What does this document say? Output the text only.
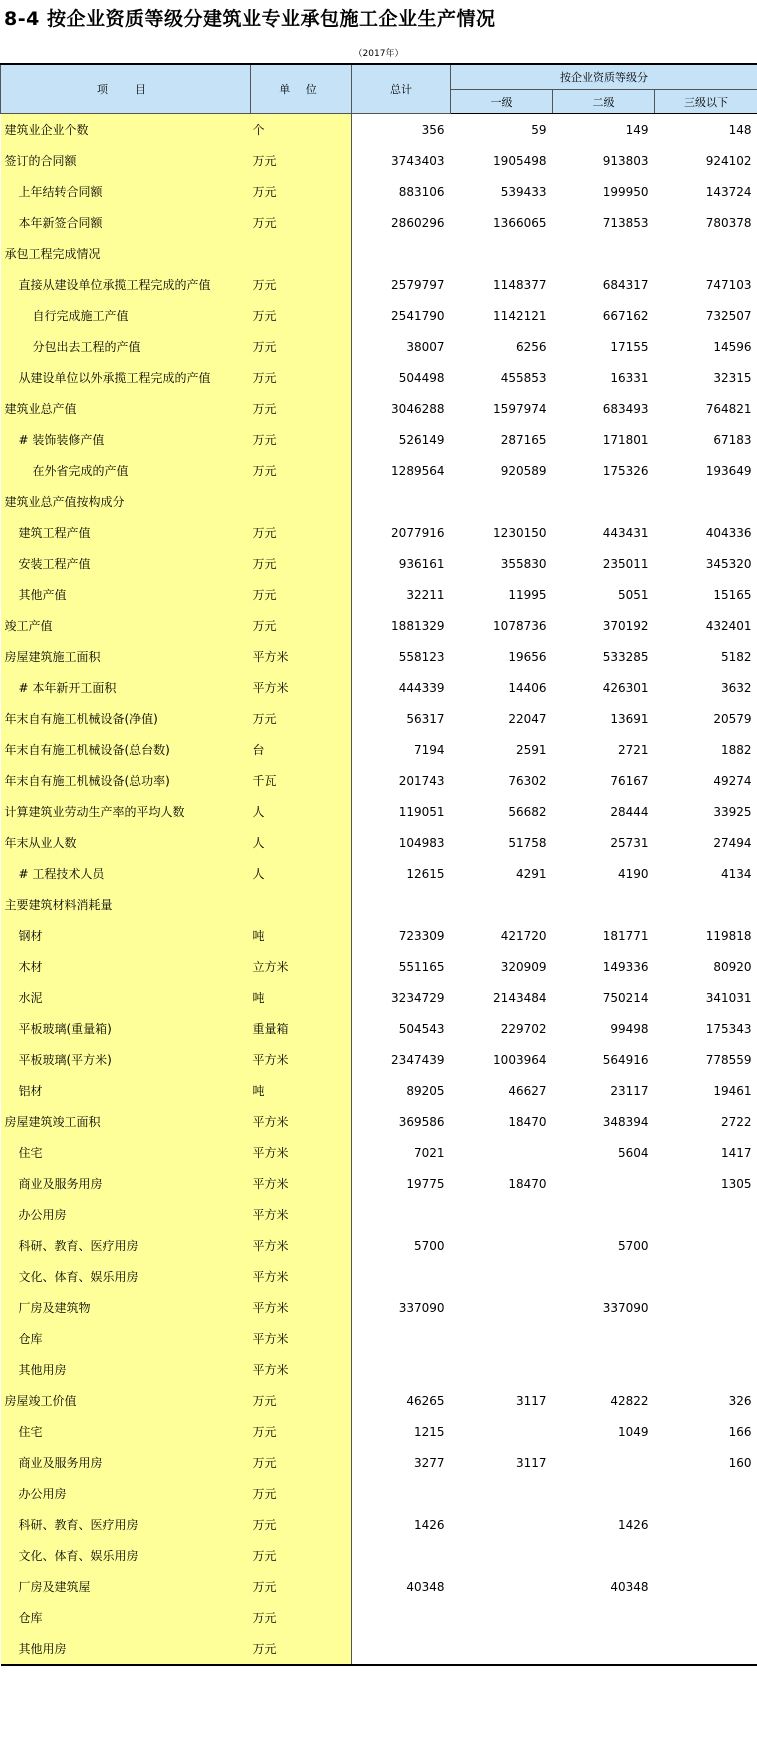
8-4 按企业资质等级分建筑业专业承包施工企业生产情况
（2017年）
项　目	单 位	总计	按企业资质等级分		
			一级	二级	三级以下
建筑业企业个数	个	356	59	149	148
签订的合同额	万元	3743403	1905498	913803	924102
上年结转合同额	万元	883106	539433	199950	143724
本年新签合同额	万元	2860296	1366065	713853	780378
承包工程完成情况					
直接从建设单位承揽工程完成的产值	万元	2579797	1148377	684317	747103
自行完成施工产值	万元	2541790	1142121	667162	732507
分包出去工程的产值	万元	38007	6256	17155	14596
从建设单位以外承揽工程完成的产值	万元	504498	455853	16331	32315
建筑业总产值	万元	3046288	1597974	683493	764821
# 装饰装修产值	万元	526149	287165	171801	67183
在外省完成的产值	万元	1289564	920589	175326	193649
建筑业总产值按构成分					
建筑工程产值	万元	2077916	1230150	443431	404336
安装工程产值	万元	936161	355830	235011	345320
其他产值	万元	32211	11995	5051	15165
竣工产值	万元	1881329	1078736	370192	432401
房屋建筑施工面积	平方米	558123	19656	533285	5182
# 本年新开工面积	平方米	444339	14406	426301	3632
年末自有施工机械设备(净值)	万元	56317	22047	13691	20579
年末自有施工机械设备(总台数)	台	7194	2591	2721	1882
年末自有施工机械设备(总功率)	千瓦	201743	76302	76167	49274
计算建筑业劳动生产率的平均人数	人	119051	56682	28444	33925
年末从业人数	人	104983	51758	25731	27494
# 工程技术人员	人	12615	4291	4190	4134
主要建筑材料消耗量					
钢材	吨	723309	421720	181771	119818
木材	立方米	551165	320909	149336	80920
水泥	吨	3234729	2143484	750214	341031
平板玻璃(重量箱)	重量箱	504543	229702	99498	175343
平板玻璃(平方米)	平方米	2347439	1003964	564916	778559
铝材	吨	89205	46627	23117	19461
房屋建筑竣工面积	平方米	369586	18470	348394	2722
住宅	平方米	7021		5604	1417
商业及服务用房	平方米	19775	18470		1305
办公用房	平方米				
科研、教育、医疗用房	平方米	5700		5700	
文化、体育、娱乐用房	平方米				
厂房及建筑物	平方米	337090		337090	
仓库	平方米				
其他用房	平方米				
房屋竣工价值	万元	46265	3117	42822	326
住宅	万元	1215		1049	166
商业及服务用房	万元	3277	3117		160
办公用房	万元				
科研、教育、医疗用房	万元	1426		1426	
文化、体育、娱乐用房	万元				
厂房及建筑屋	万元	40348		40348	
仓库	万元				
其他用房	万元				
